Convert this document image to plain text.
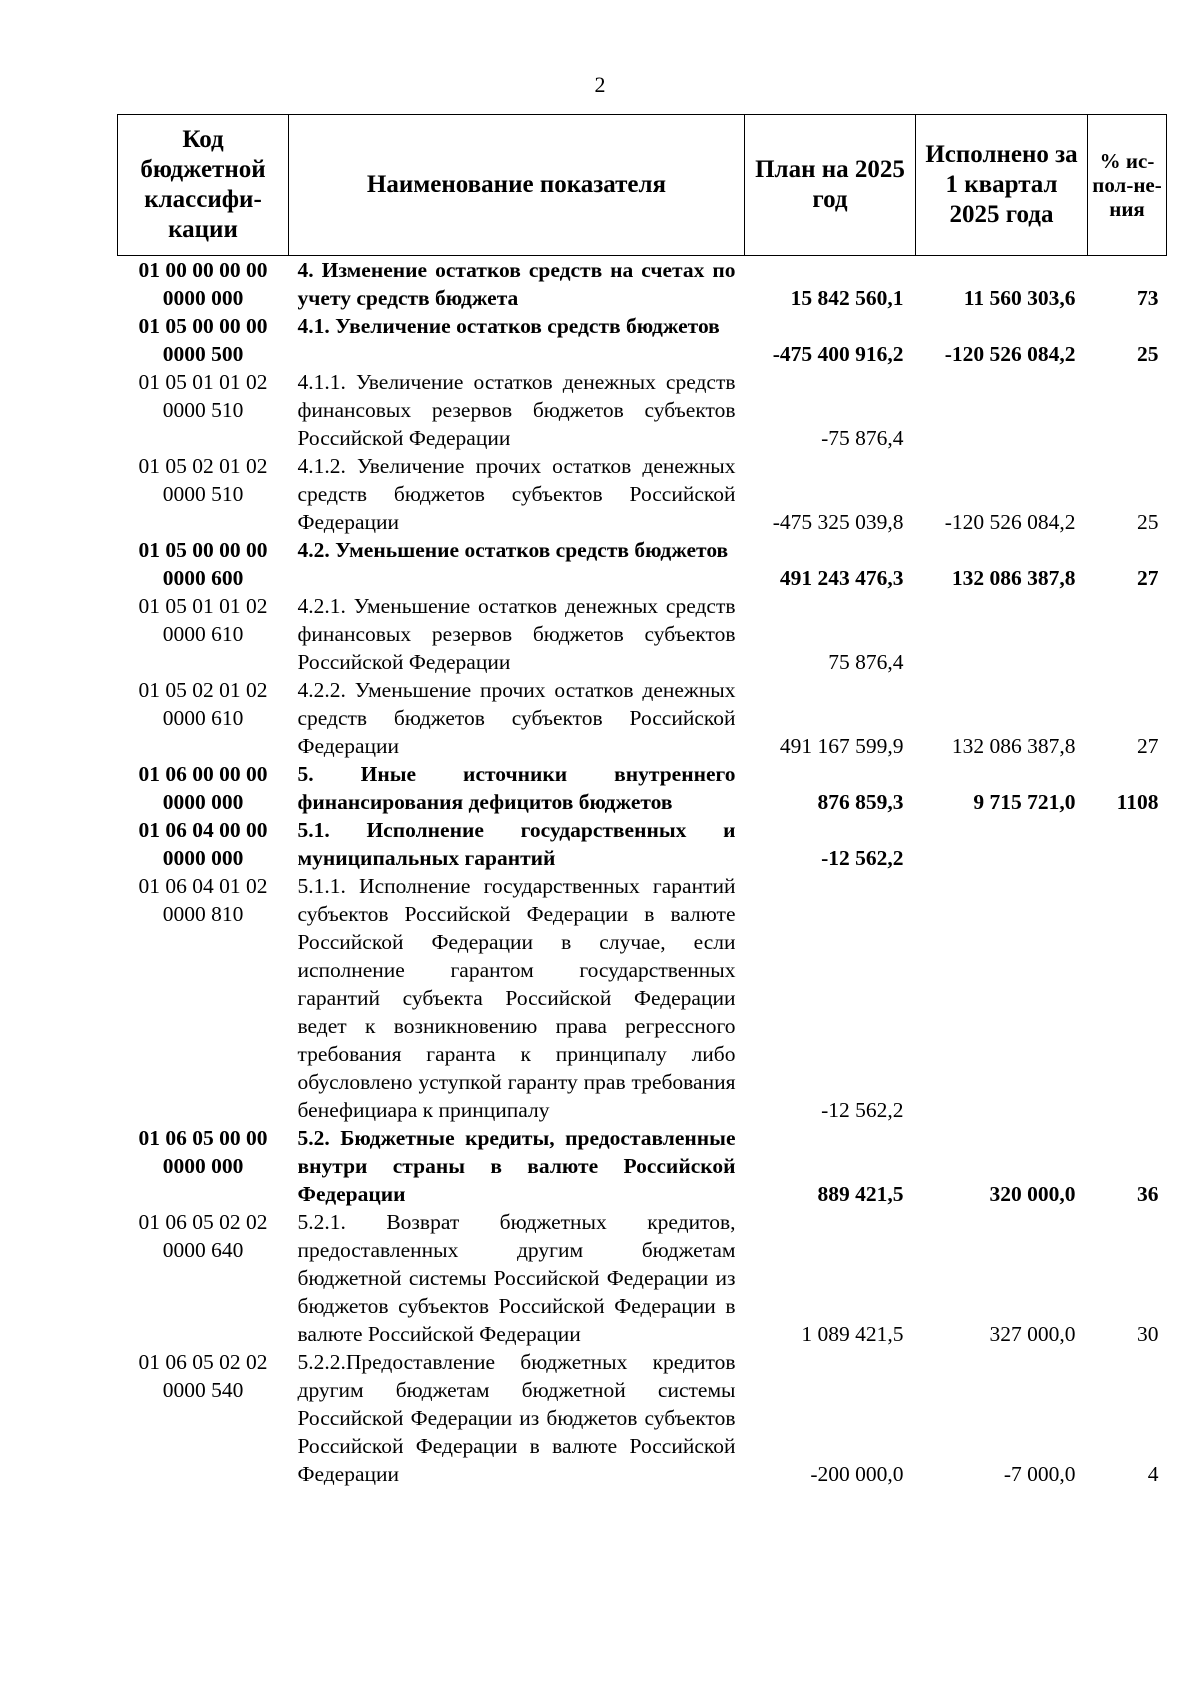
2
Код бюджетной классифи-кации	Наименование показателя	План на 2025 год	Исполнено за 1 квартал 2025 года	% ис-пол-не-ния

01 00 00 00 00
0000 000	4. Изменение остатков средств на счетах по учету средств бюджета	15 842 560,1	11 560 303,6	73

01 05 00 00 00
0000 500	4.1. Увеличение остатков средств бюджетов	-475 400 916,2	-120 526 084,2	25

01 05 01 01 02
0000 510	4.1.1. Увеличение остатков денежных средств финансовых резервов бюджетов субъектов Российской Федерации	-75 876,4		

01 05 02 01 02
0000 510	4.1.2. Увеличение прочих остатков денежных средств бюджетов субъектов Российской Федерации	-475 325 039,8	-120 526 084,2	25

01 05 00 00 00
0000 600	4.2. Уменьшение остатков средств бюджетов	491 243 476,3	132 086 387,8	27

01 05 01 01 02
0000 610	4.2.1. Уменьшение остатков денежных средств финансовых резервов бюджетов субъектов Российской Федерации	75 876,4		

01 05 02 01 02
0000 610	4.2.2. Уменьшение прочих остатков денежных средств бюджетов субъектов Российской Федерации	491 167 599,9	132 086 387,8	27

01 06 00 00 00
0000 000	5. Иные источники внутреннего финансирования дефицитов бюджетов	876 859,3	9 715 721,0	1108

01 06 04 00 00
0000 000	5.1. Исполнение государственных и муниципальных гарантий	-12 562,2		

01 06 04 01 02
0000 810	5.1.1. Исполнение государственных гарантий субъектов Российской Федерации в валюте Российской Федерации в случае, если исполнение гарантом государственных гарантий субъекта Российской Федерации ведет к возникновению права регрессного требования гаранта к принципалу либо обусловлено уступкой гаранту прав требования бенефициара к принципалу	-12 562,2		

01 06 05 00 00
0000 000	5.2. Бюджетные кредиты, предоставленные внутри страны в валюте Российской Федерации	889 421,5	320 000,0	36

01 06 05 02 02
0000 640	5.2.1. Возврат бюджетных кредитов, предоставленных другим бюджетам бюджетной системы Российской Федерации из бюджетов субъектов Российской Федерации в валюте Российской Федерации	1 089 421,5	327 000,0	30

01 06 05 02 02
0000 540	5.2.2.Предоставление бюджетных кредитов другим бюджетам бюджетной системы Российской Федерации из бюджетов субъектов Российской Федерации в валюте Российской Федерации	-200 000,0	-7 000,0	4
